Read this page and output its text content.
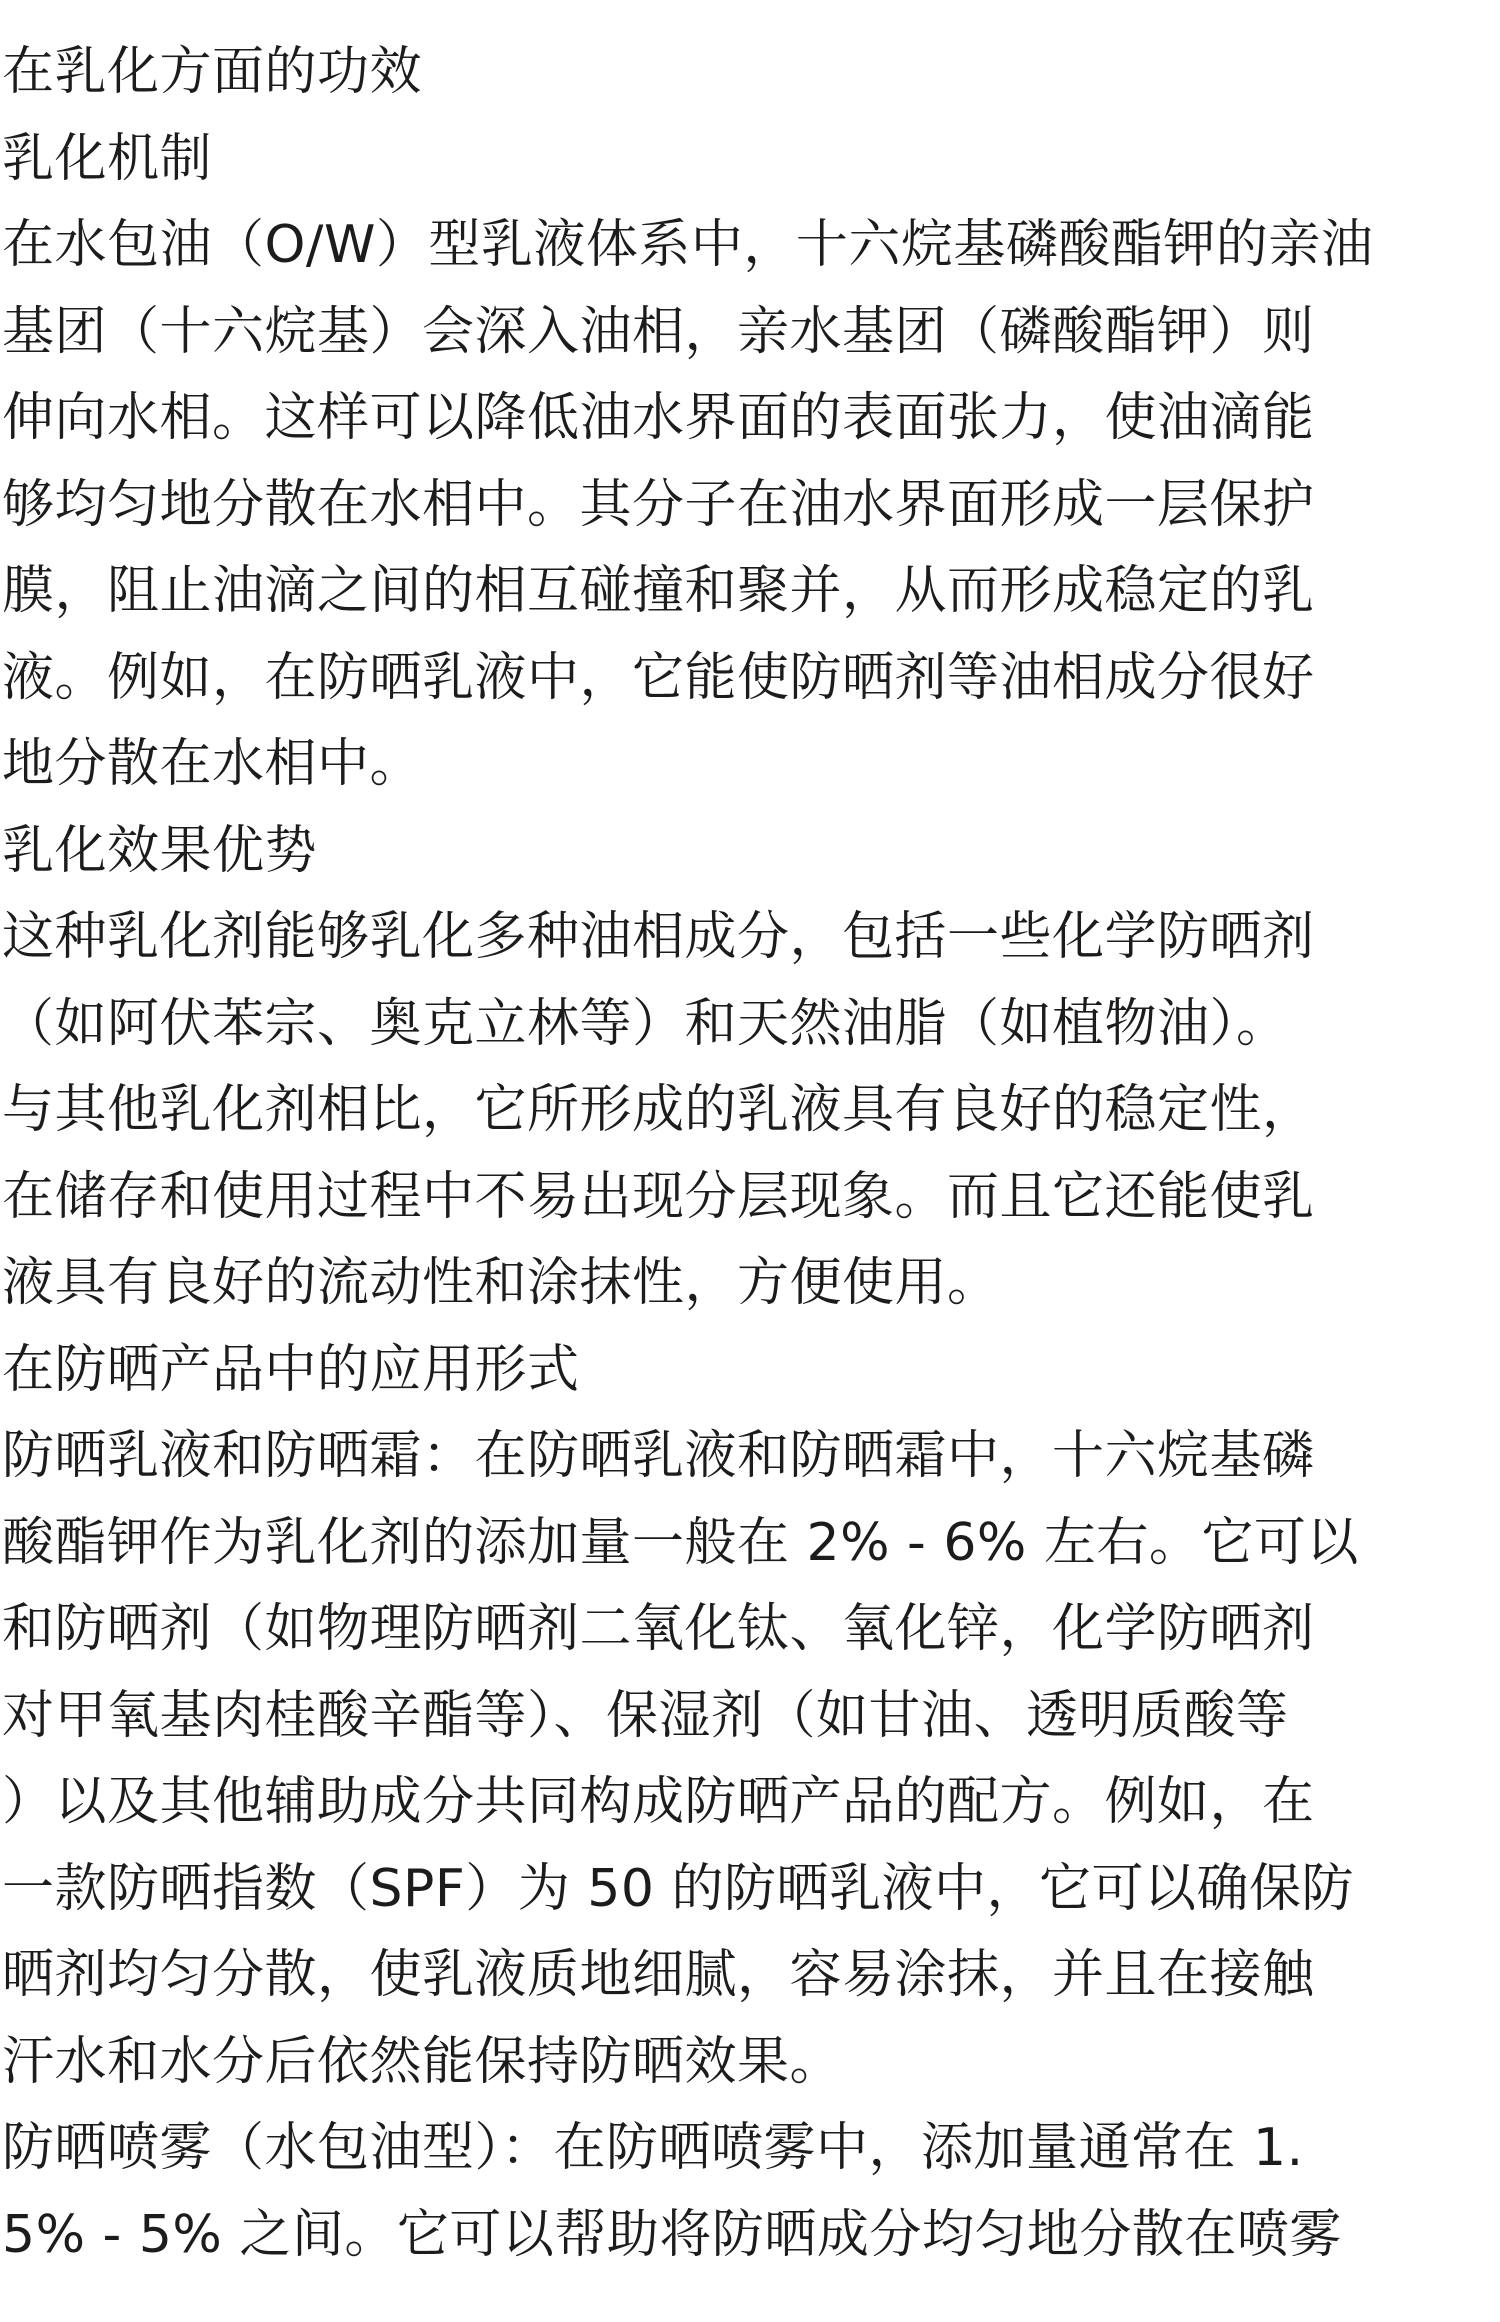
在乳化方面的功效
乳化机制
在水包油（O/W）型乳液体系中，十六烷基磷酸酯钾的亲油
基团（十六烷基）会深入油相，亲水基团（磷酸酯钾）则
伸向水相。这样可以降低油水界面的表面张力，使油滴能
够均匀地分散在水相中。其分子在油水界面形成一层保护
膜，阻止油滴之间的相互碰撞和聚并，从而形成稳定的乳
液。例如，在防晒乳液中，它能使防晒剂等油相成分很好
地分散在水相中。
乳化效果优势
这种乳化剂能够乳化多种油相成分，包括一些化学防晒剂
（如阿伏苯宗、奥克立林等）和天然油脂（如植物油）。
与其他乳化剂相比，它所形成的乳液具有良好的稳定性，
在储存和使用过程中不易出现分层现象。而且它还能使乳
液具有良好的流动性和涂抹性，方便使用。
在防晒产品中的应用形式
防晒乳液和防晒霜：在防晒乳液和防晒霜中，十六烷基磷
酸酯钾作为乳化剂的添加量一般在 2% - 6% 左右。它可以
和防晒剂（如物理防晒剂二氧化钛、氧化锌，化学防晒剂
对甲氧基肉桂酸辛酯等）、保湿剂（如甘油、透明质酸等
）以及其他辅助成分共同构成防晒产品的配方。例如，在
一款防晒指数（SPF）为 50 的防晒乳液中，它可以确保防
晒剂均匀分散，使乳液质地细腻，容易涂抹，并且在接触
汗水和水分后依然能保持防晒效果。
防晒喷雾（水包油型）：在防晒喷雾中，添加量通常在 1.
5% - 5% 之间。它可以帮助将防晒成分均匀地分散在喷雾
